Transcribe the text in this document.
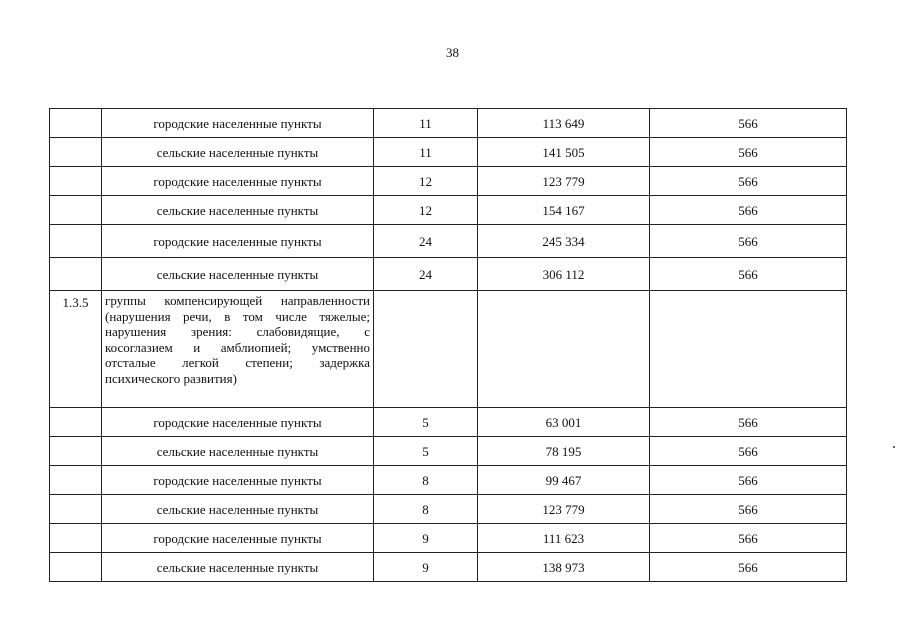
38
	городские населенные пункты	11	113 649	566
	сельские населенные пункты	11	141 505	566
	городские населенные пункты	12	123 779	566
	сельские населенные пункты	12	154 167	566
	городские населенные пункты	24	245 334	566
	сельские населенные пункты	24	306 112	566
1.3.5	группы компенсирующей направленности (нарушения речи, в том числе тяжелые; нарушения зрения: слабовидящие, с косоглазием и амблиопией; умственно отсталые легкой степени; задержка психического развития)			
	городские населенные пункты	5	63 001	566
	сельские населенные пункты	5	78 195	566
	городские населенные пункты	8	99 467	566
	сельские населенные пункты	8	123 779	566
	городские населенные пункты	9	111 623	566
	сельские населенные пункты	9	138 973	566
